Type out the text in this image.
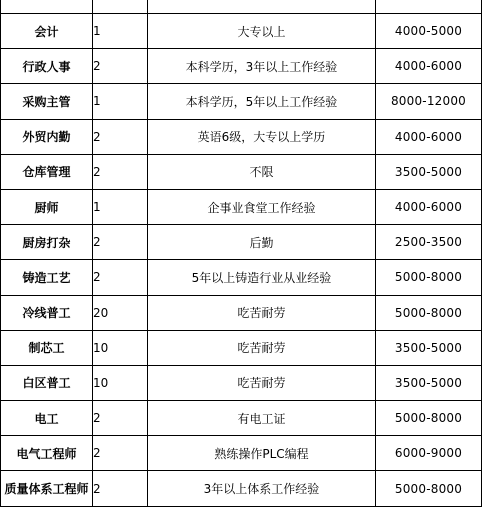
会计	1	大专以上	4000-5000
行政人事	2	本科学历，3年以上工作经验	4000-6000
采购主管	1	本科学历，5年以上工作经验	8000-12000
外贸内勤	2	英语6级，大专以上学历	4000-6000
仓库管理	2	不限	3500-5000
厨师	1	企事业食堂工作经验	4000-6000
厨房打杂	2	后勤	2500-3500
铸造工艺	2	5年以上铸造行业从业经验	5000-8000
冷线普工	20	吃苦耐劳	5000-8000
制芯工	10	吃苦耐劳	3500-5000
白区普工	10	吃苦耐劳	3500-5000
电工	2	有电工证	5000-8000
电气工程师	2	熟练操作PLC编程	6000-9000
质量体系工程师	2	3年以上体系工作经验	5000-8000
